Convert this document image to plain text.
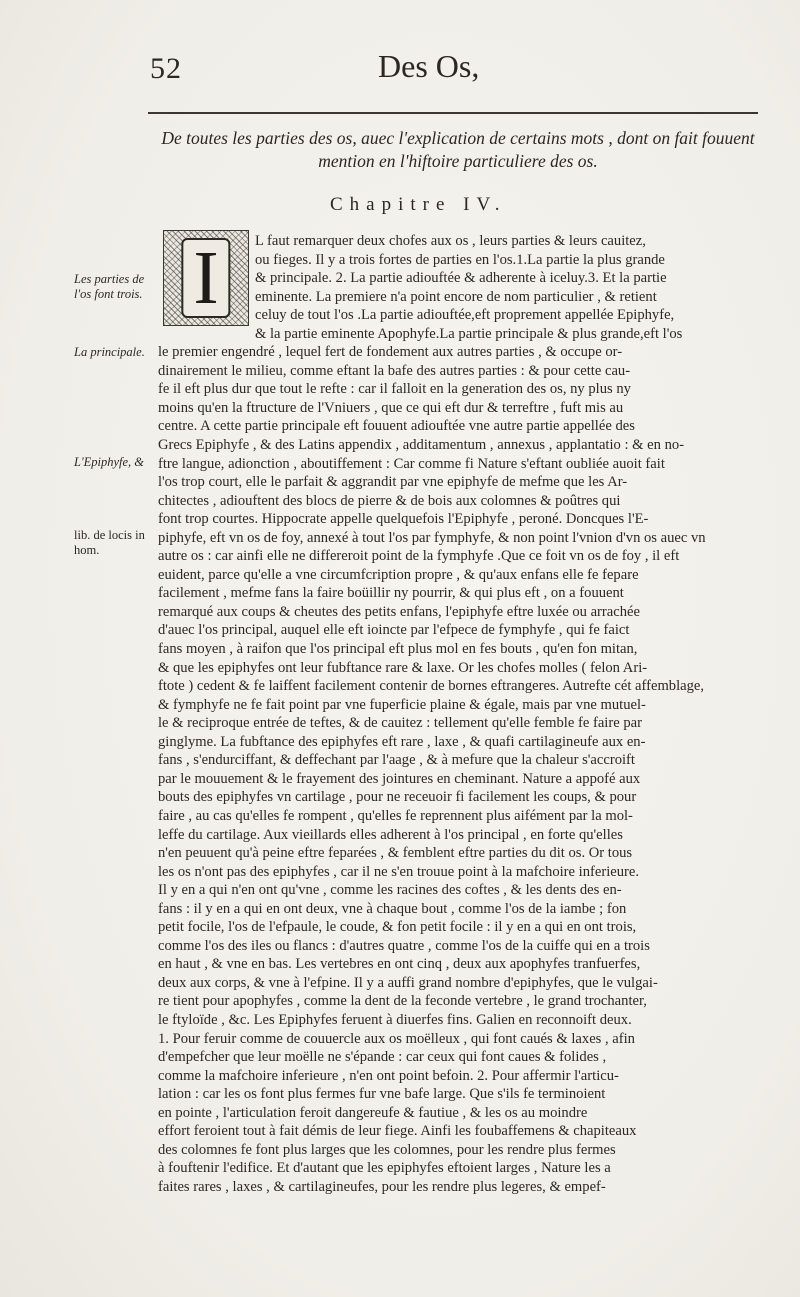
52	Des Os,
De toutes les parties des os, auec l'explication de certains mots , dont on fait fouuent mention en l'hiftoire particuliere des os.
Chapitre IV.
I
Les parties de l'os font trois.
La principale.
L'Epiphyfe, &
lib. de locis in hom.
L faut remarquer deux chofes aux os , leurs parties & leurs cauitez,
ou fieges. Il y a trois fortes de parties en l'os.1.La partie la plus grande
& principale. 2. La partie adiouftée & adherente à iceluy.3. Et la partie
eminente. La premiere n'a point encore de nom particulier , & retient
celuy de tout l'os .La partie adiouftée,eft proprement appellée Epiphyfe,
& la partie eminente Apophyfe.La partie principale & plus grande,eft l'os
le premier engendré , lequel fert de fondement aux autres parties , & occupe or-
dinairement le milieu, comme eftant la bafe des autres parties : & pour cette cau-
fe il eft plus dur que tout le refte : car il falloit en la generation des os, ny plus ny
moins qu'en la ftructure de l'Vniuers , que ce qui eft dur & terreftre , fuft mis au
centre. A cette partie principale eft fouuent adiouftée vne autre partie appellée des
Grecs Epiphyfe , & des Latins appendix , additamentum , annexus , applantatio : & en no-
ftre langue, adionction , aboutiffement : Car comme fi Nature s'eftant oubliée auoit fait
l'os trop court, elle le parfait & aggrandit par vne epiphyfe de mefme que les Ar-
chitectes , adiouftent des blocs de pierre & de bois aux colomnes & poûtres qui
font trop courtes. Hippocrate appelle quelquefois l'Epiphyfe , peroné. Doncques l'E-
piphyfe, eft vn os de foy, annexé à tout l'os par fymphyfe, & non point l'vnion d'vn os auec vn
autre os : car ainfi elle ne differeroit point de la fymphyfe .Que ce foit vn os de foy , il eft
euident, parce qu'elle a vne circumfcription propre , & qu'aux enfans elle fe fepare
facilement , mefme fans la faire boüillir ny pourrir, & qui plus eft , on a fouuent
remarqué aux coups & cheutes des petits enfans, l'epiphyfe eftre luxée ou arrachée
d'auec l'os principal, auquel elle eft ioincte par l'efpece de fymphyfe , qui fe faict
fans moyen , à raifon que l'os principal eft plus mol en fes bouts , qu'en fon mitan,
& que les epiphyfes ont leur fubftance rare & laxe. Or les chofes molles ( felon Ari-
ftote ) cedent & fe laiffent facilement contenir de bornes eftrangeres. Autrefte cét affemblage,
& fymphyfe ne fe fait point par vne fuperficie plaine & égale, mais par vne mutuel-
le & reciproque entrée de teftes, & de cauitez : tellement qu'elle femble fe faire par
ginglyme. La fubftance des epiphyfes eft rare , laxe , & quafi cartilagineufe aux en-
fans , s'endurciffant, & deffechant par l'aage , & à mefure que la chaleur s'accroift
par le mouuement & le frayement des jointures en cheminant. Nature a appofé aux
bouts des epiphyfes vn cartilage , pour ne receuoir fi facilement les coups, & pour
faire , au cas qu'elles fe rompent , qu'elles fe reprennent plus aifément par la mol-
leffe du cartilage. Aux vieillards elles adherent à l'os principal , en forte qu'elles
n'en peuuent qu'à peine eftre feparées , & femblent eftre parties du dit os. Or tous
les os n'ont pas des epiphyfes , car il ne s'en trouue point à la mafchoire inferieure.
Il y en a qui n'en ont qu'vne , comme les racines des coftes , & les dents des en-
fans : il y en a qui en ont deux, vne à chaque bout , comme l'os de la iambe ; fon
petit focile, l'os de l'efpaule, le coude, & fon petit focile : il y en a qui en ont trois,
comme l'os des iles ou flancs : d'autres quatre , comme l'os de la cuiffe qui en a trois
en haut , & vne en bas. Les vertebres en ont cinq , deux aux apophyfes tranfuerfes,
deux aux corps, & vne à l'efpine. Il y a auffi grand nombre d'epiphyfes, que le vulgai-
re tient pour apophyfes , comme la dent de la feconde vertebre , le grand trochanter,
le ftyloïde , &c. Les Epiphyfes feruent à diuerfes fins. Galien en reconnoift deux.
1. Pour feruir comme de couuercle aux os moëlleux , qui font caués & laxes , afin
d'empefcher que leur moëlle ne s'épande : car ceux qui font caues & folides ,
comme la mafchoire inferieure , n'en ont point befoin. 2. Pour affermir l'articu-
lation : car les os font plus fermes fur vne bafe large. Que s'ils fe terminoient
en pointe , l'articulation feroit dangereufe & fautiue , & les os au moindre
effort feroient tout à fait démis de leur fiege. Ainfi les foubaffemens & chapiteaux
des colomnes fe font plus larges que les colomnes, pour les rendre plus fermes
à fouftenir l'edifice. Et d'autant que les epiphyfes eftoient larges , Nature les a
faites rares , laxes , & cartilagineufes, pour les rendre plus legeres, & empef-
